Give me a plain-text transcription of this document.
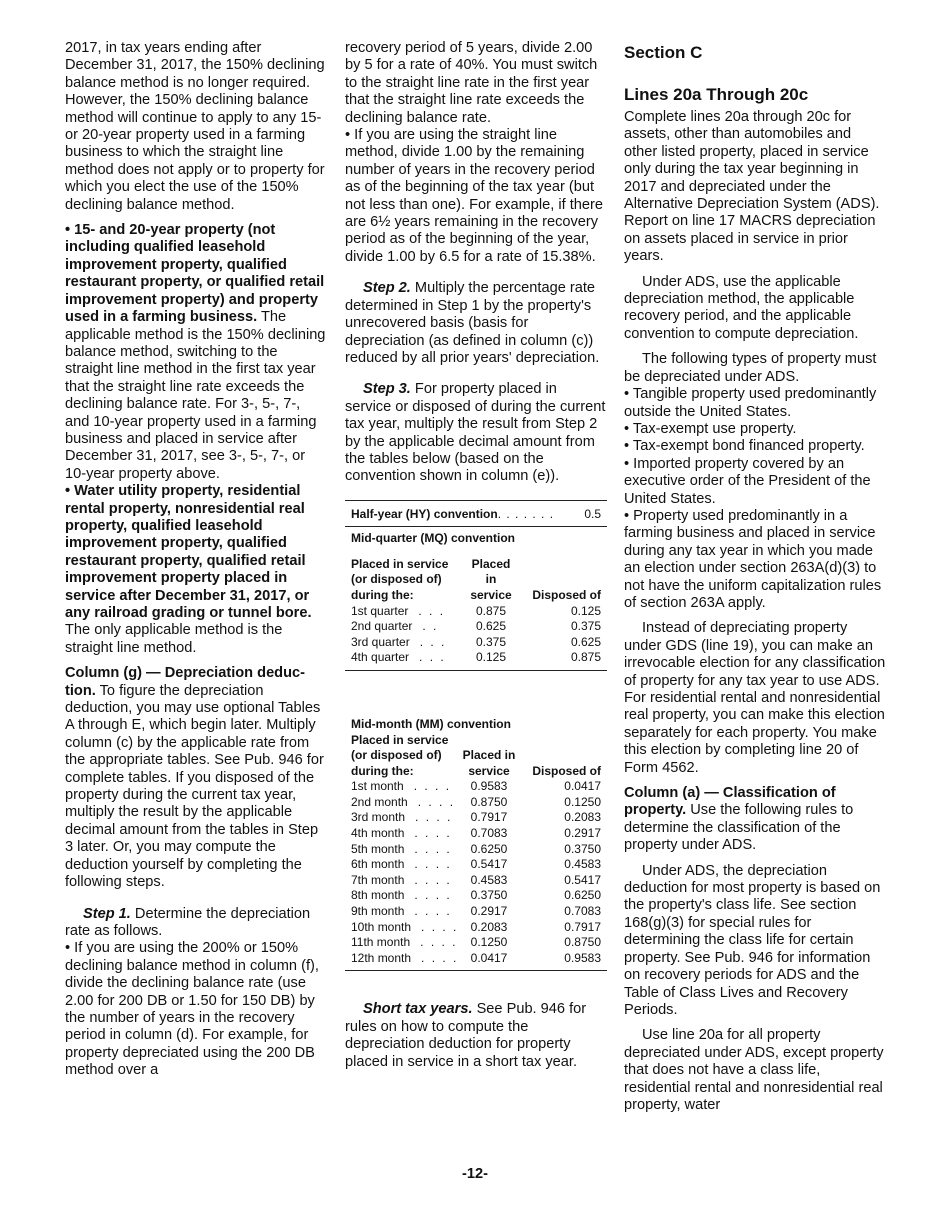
2017, in tax years ending after December 31, 2017, the 150% declining balance method is no longer required. However, the 150% declining balance method will continue to apply to any 15- or 20-year property used in a farming business to which the straight line method does not apply or to property for which you elect the use of the 150% declining balance method.

• 15- and 20-year property (not including qualified leasehold improvement property, qualified restaurant property, or qualified retail improvement property) and property used in a farming business. The applicable method is the 150% declining balance method, switching to the straight line method in the first tax year that the straight line rate exceeds the declining balance rate. For 3-, 5-, 7-, and 10-year property used in a farming business and placed in service after December 31, 2017, see 3-, 5-, 7-, or 10-year property above.

• Water utility property, residential rental property, nonresidential real property, qualified leasehold improvement property, qualified restaurant property, qualified retail improvement property placed in service after December 31, 2017, or any railroad grading or tunnel bore. The only applicable method is the straight line method.

Column (g) — Depreciation deduc-tion. To figure the depreciation deduction, you may use optional Tables A through E, which begin later. Multiply column (c) by the applicable rate from the appropriate tables. See Pub. 946 for complete tables. If you disposed of the property during the current tax year, multiply the result by the applicable decimal amount from the tables in Step 3 later. Or, you may compute the deduction yourself by completing the following steps.

Step 1. Determine the depreciation rate as follows.

• If you are using the 200% or 150% declining balance method in column (f), divide the declining balance rate (use 2.00 for 200 DB or 1.50 for 150 DB) by the number of years in the recovery period in column (d). For example, for property depreciated using the 200 DB method over a

recovery period of 5 years, divide 2.00 by 5 for a rate of 40%. You must switch to the straight line rate in the first year that the straight line rate exceeds the declining balance rate.

• If you are using the straight line method, divide 1.00 by the remaining number of years in the recovery period as of the beginning of the tax year (but not less than one). For example, if there are 6½ years remaining in the recovery period as of the beginning of the year, divide 1.00 by 6.5 for a rate of 15.38%.

Step 2. Multiply the percentage rate determined in Step 1 by the property's unrecovered basis (basis for depreciation (as defined in column (c)) reduced by all prior years' depreciation.

Step 3. For property placed in service or disposed of during the current tax year, multiply the result from Step 2 by the applicable decimal amount from the tables below (based on the convention shown in column (e)).

Half-year (HY) convention. . . . . . .	0.5
Mid-quarter (MQ) convention		

Placed in service (or disposed of) during the:	Placed in service	Disposed of
1st quarter . . .	0.875	0.125
2nd quarter . .	0.625	0.375
3rd quarter . . .	0.375	0.625
4th quarter . . .	0.125	0.875
Mid-month (MM) convention		
Placed in service (or disposed of) during the:	Placed in service	Disposed of
1st month . . . .	0.9583	0.0417
2nd month . . . .	0.8750	0.1250
3rd month . . . .	0.7917	0.2083
4th month . . . .	0.7083	0.2917
5th month . . . .	0.6250	0.3750
6th month . . . .	0.5417	0.4583
7th month . . . .	0.4583	0.5417
8th month . . . .	0.3750	0.6250
9th month . . . .	0.2917	0.7083
10th month . . . .	0.2083	0.7917
11th month . . . .	0.1250	0.8750
12th month . . . .	0.0417	0.9583

Short tax years. See Pub. 946 for rules on how to compute the depreciation deduction for property placed in service in a short tax year.

Section C
Lines 20a Through 20c

Complete lines 20a through 20c for assets, other than automobiles and other listed property, placed in service only during the tax year beginning in 2017 and depreciated under the Alternative Depreciation System (ADS). Report on line 17 MACRS depreciation on assets placed in service in prior years.

Under ADS, use the applicable depreciation method, the applicable recovery period, and the applicable convention to compute depreciation.

The following types of property must be depreciated under ADS.

• Tangible property used predominantly outside the United States.

• Tax-exempt use property.

• Tax-exempt bond financed property.

• Imported property covered by an executive order of the President of the United States.

• Property used predominantly in a farming business and placed in service during any tax year in which you made an election under section 263A(d)(3) to not have the uniform capitalization rules of section 263A apply.

Instead of depreciating property under GDS (line 19), you can make an irrevocable election for any classification of property for any tax year to use ADS. For residential rental and nonresidential real property, you can make this election separately for each property. You make this election by completing line 20 of Form 4562.

Column (a) — Classification of property. Use the following rules to determine the classification of the property under ADS.

Under ADS, the depreciation deduction for most property is based on the property's class life. See section 168(g)(3) for special rules for determining the class life for certain property. See Pub. 946 for information on recovery periods for ADS and the Table of Class Lives and Recovery Periods.

Use line 20a for all property depreciated under ADS, except property that does not have a class life, residential rental and nonresidential real property, water

-12-
